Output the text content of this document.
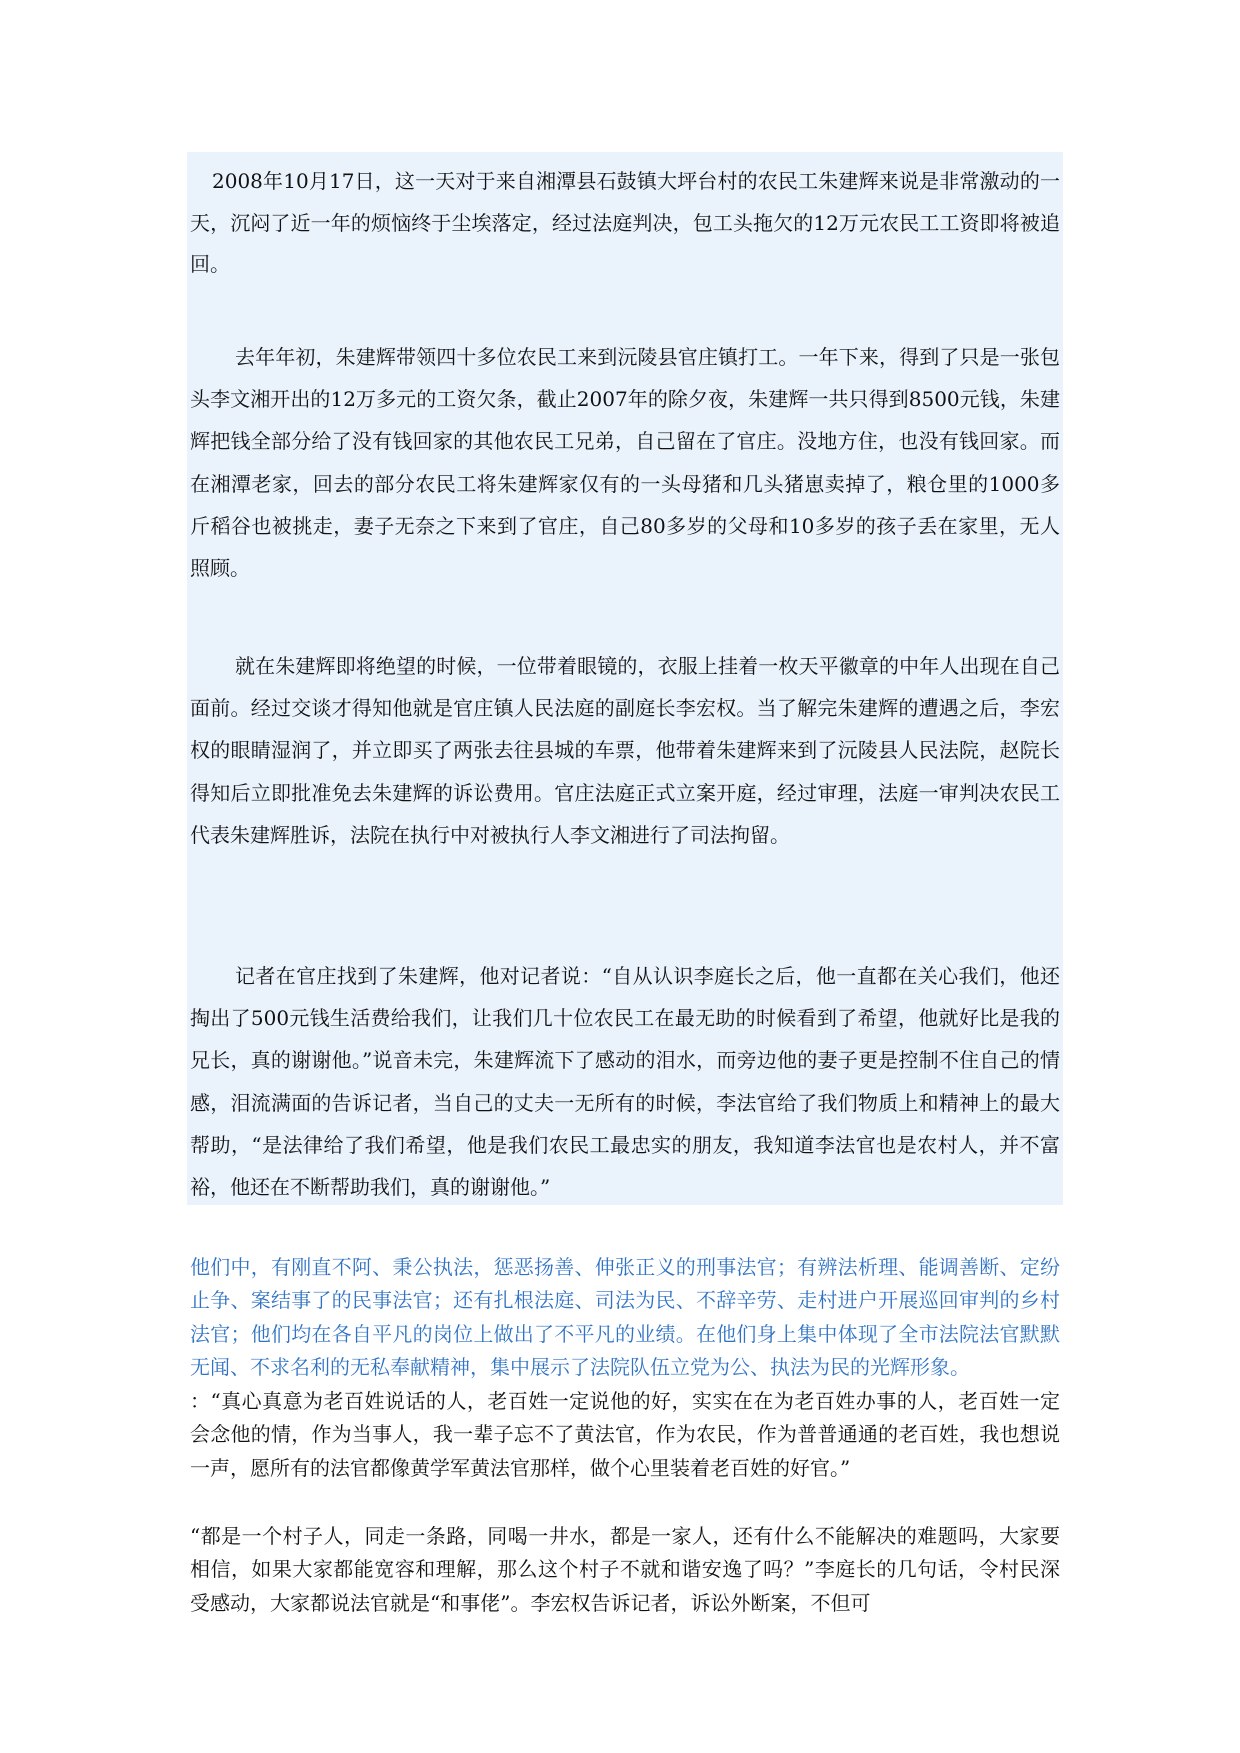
2008年10月17日，这一天对于来自湘潭县石鼓镇大坪台村的农民工朱建辉来说是非常激动的一天，沉闷了近一年的烦恼终于尘埃落定，经过法庭判决，包工头拖欠的12万元农民工工资即将被追回。

去年年初，朱建辉带领四十多位农民工来到沅陵县官庄镇打工。一年下来，得到了只是一张包头李文湘开出的12万多元的工资欠条，截止2007年的除夕夜，朱建辉一共只得到8500元钱，朱建辉把钱全部分给了没有钱回家的其他农民工兄弟，自己留在了官庄。没地方住，也没有钱回家。而在湘潭老家，回去的部分农民工将朱建辉家仅有的一头母猪和几头猪崽卖掉了，粮仓里的1000多斤稻谷也被挑走，妻子无奈之下来到了官庄，自己80多岁的父母和10多岁的孩子丢在家里，无人照顾。

就在朱建辉即将绝望的时候，一位带着眼镜的，衣服上挂着一枚天平徽章的中年人出现在自己面前。经过交谈才得知他就是官庄镇人民法庭的副庭长李宏权。当了解完朱建辉的遭遇之后，李宏权的眼睛湿润了，并立即买了两张去往县城的车票，他带着朱建辉来到了沅陵县人民法院，赵院长得知后立即批准免去朱建辉的诉讼费用。官庄法庭正式立案开庭，经过审理，法庭一审判决农民工代表朱建辉胜诉，法院在执行中对被执行人李文湘进行了司法拘留。

记者在官庄找到了朱建辉，他对记者说：“自从认识李庭长之后，他一直都在关心我们，他还掏出了500元钱生活费给我们，让我们几十位农民工在最无助的时候看到了希望，他就好比是我的兄长，真的谢谢他。”说音未完，朱建辉流下了感动的泪水，而旁边他的妻子更是控制不住自己的情感，泪流满面的告诉记者，当自己的丈夫一无所有的时候，李法官给了我们物质上和精神上的最大帮助，“是法律给了我们希望，他是我们农民工最忠实的朋友，我知道李法官也是农村人，并不富裕，他还在不断帮助我们，真的谢谢他。”

他们中，有刚直不阿、秉公执法，惩恶扬善、伸张正义的刑事法官；有辨法析理、能调善断、定纷止争、案结事了的民事法官；还有扎根法庭、司法为民、不辞辛劳、走村进户开展巡回审判的乡村法官；他们均在各自平凡的岗位上做出了不平凡的业绩。在他们身上集中体现了全市法院法官默默无闻、不求名利的无私奉献精神，集中展示了法院队伍立党为公、执法为民的光辉形象。

：“真心真意为老百姓说话的人，老百姓一定说他的好，实实在在为老百姓办事的人，老百姓一定会念他的情，作为当事人，我一辈子忘不了黄法官，作为农民，作为普普通通的老百姓，我也想说一声，愿所有的法官都像黄学军黄法官那样，做个心里装着老百姓的好官。”

“都是一个村子人，同走一条路，同喝一井水，都是一家人，还有什么不能解决的难题吗，大家要相信，如果大家都能宽容和理解，那么这个村子不就和谐安逸了吗？”李庭长的几句话，令村民深受感动，大家都说法官就是“和事佬”。李宏权告诉记者，诉讼外断案，不但可
